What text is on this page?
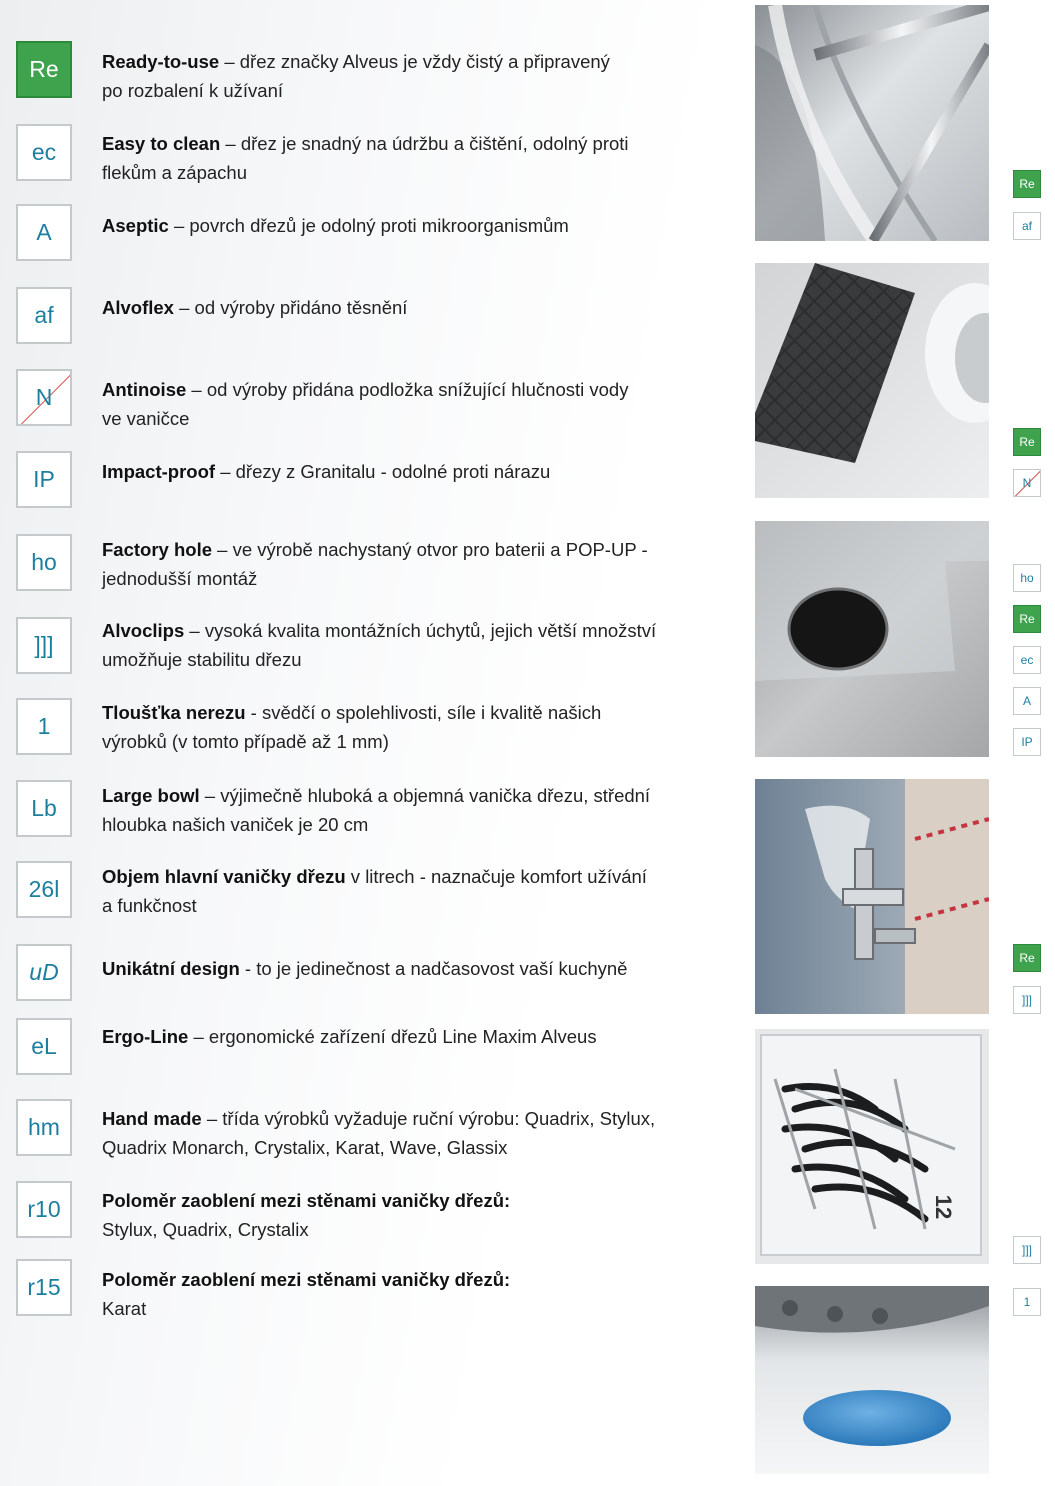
Re
ec
A
af
N
IP
ho
]]]
1
Lb
26l
uD
eL
hm
r10
r15
Ready-to-use – dřez značky Alveus je vždy čistý a připravený
po rozbalení k užívaní
Easy to clean – dřez je snadný na údržbu a čištění, odolný proti
flekům a zápachu
Aseptic – povrch dřezů je odolný proti mikroorganismům
Alvoflex – od výroby přidáno těsnění
Antinoise – od výroby přidána podložka snížující hlučnosti vody
ve vaničce
Impact-proof – dřezy z Granitalu - odolné proti nárazu
Factory hole – ve výrobě nachystaný otvor pro baterii a POP-UP -
jednodušší montáž
Alvoclips – vysoká kvalita montážních úchytů, jejich větší množství
umožňuje stabilitu dřezu
Tloušťka nerezu - svědčí o spolehlivosti, síle i kvalitě našich
výrobků (v tomto případě až 1 mm)
Large bowl – výjimečně hluboká a objemná vanička dřezu, střední
hloubka našich vaniček je 20 cm
Objem hlavní vaničky dřezu v litrech - naznačuje komfort užívání
a funkčnost
Unikátní design - to je jedinečnost a nadčasovost vaší kuchyně
Ergo-Line – ergonomické zařízení dřezů Line Maxim Alveus
Hand made – třída výrobků vyžaduje ruční výrobu: Quadrix, Stylux,
Quadrix Monarch, Crystalix, Karat, Wave, Glassix
Poloměr zaoblení mezi stěnami vaničky dřezů:
Stylux, Quadrix, Crystalix
Poloměr zaoblení mezi stěnami vaničky dřezů:
Karat
12
Re
af
Re
N
ho
Re
ec
A
IP
Re
]]]
]]]
1
